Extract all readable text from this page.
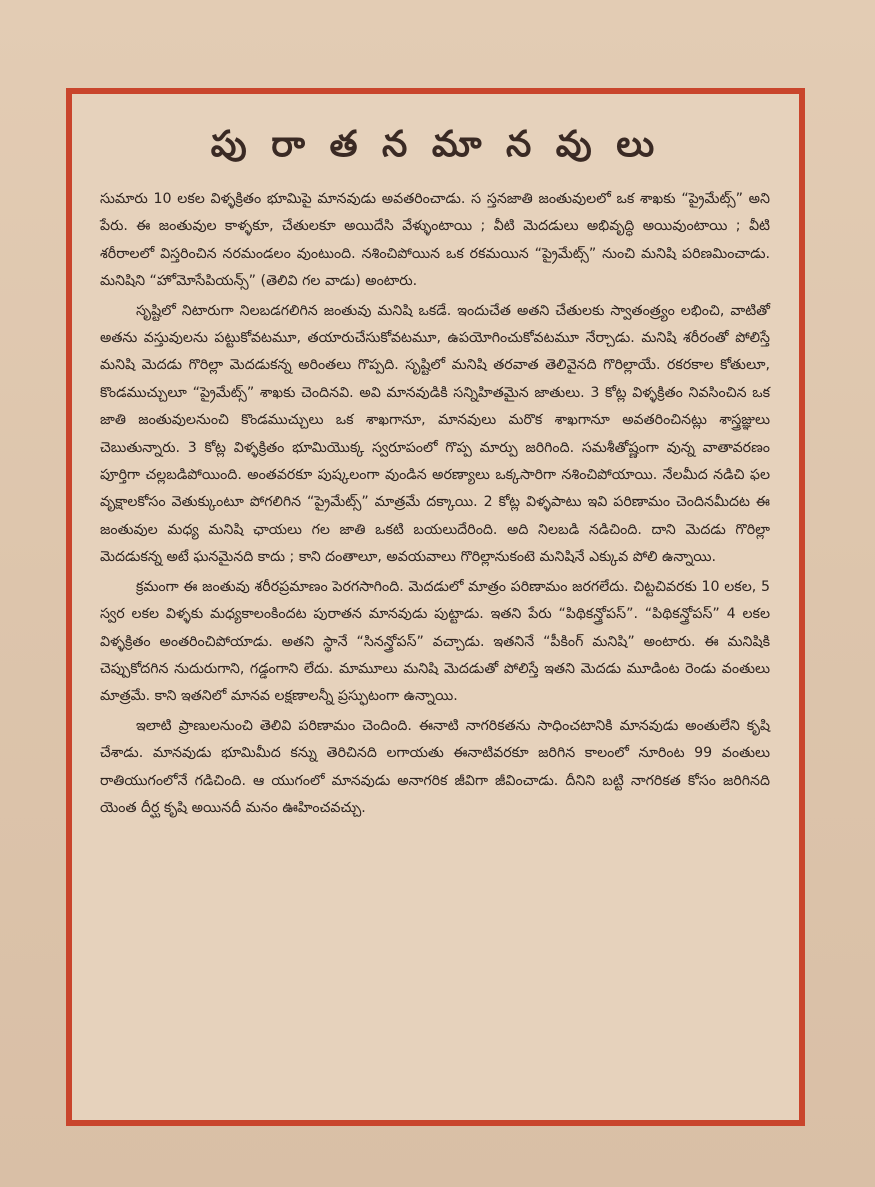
పు రా త న మా న వు లు

సుమారు 10 లకల విళ్ళక్రితం భూమిపై మానవుడు అవతరించాడు. స స్తనజాతి జంతువులలో ఒక శాఖకు “ప్రైమేట్స్” అని పేరు. ఈ జంతువుల కాళ్ళకూ, చేతులకూ అయిదేసి వేళ్ళుంటాయి ; వీటి మెదడులు అభివృద్ధి అయివుంటాయి ; వీటి శరీరాలలో విస్తరించిన నరమండలం వుంటుంది. నశించిపోయిన ఒక రకమయిన “ప్రైమేట్స్” నుంచి మనిషి పరిణమించాడు. మనిషిని “హోమోసేపియన్స్” (తెలివి గల వాడు) అంటారు.

సృష్టిలో నిటారుగా నిలబడగలిగిన జంతువు మనిషి ఒకడే. ఇందుచేత అతని చేతులకు స్వాతంత్ర్యం లభించి, వాటితో అతను వస్తువులను పట్టుకోవటమూ, తయారుచేసుకోవటమూ, ఉపయోగించుకోవటమూ నేర్చాడు. మనిషి శరీరంతో పోలిస్తే మనిషి మెదడు గొరిల్లా మెదడుకన్న అరింతలు గొప్పది. సృష్టిలో మనిషి తరవాత తెలివైనది గొరిల్లాయే. రకరకాల కోతులూ, కొండముచ్చులూ “ప్రైమేట్స్” శాఖకు చెందినవి. అవి మానవుడికి సన్నిహితమైన జాతులు. 3 కోట్ల విళ్ళక్రితం నివసించిన ఒక జాతి జంతువులనుంచి కొండముచ్చులు ఒక శాఖగానూ, మానవులు మరొక శాఖగానూ అవతరించినట్లు శాస్త్రజ్ఞులు చెబుతున్నారు. 3 కోట్ల విళ్ళక్రితం భూమియొక్క స్వరూపంలో గొప్ప మార్పు జరిగింది. సమశీతోష్ణంగా వున్న వాతావరణం పూర్తిగా చల్లబడిపోయింది. అంతవరకూ పుష్కలంగా వుండిన అరణ్యాలు ఒక్కసారిగా నశించిపోయాయి. నేలమీద నడిచి ఫల వృక్షాలకోసం వెతుక్కుంటూ పోగలిగిన “ప్రైమేట్స్” మాత్రమే దక్కాయి. 2 కోట్ల విళ్ళపాటు ఇవి పరిణామం చెందినమీదట ఈ జంతువుల మధ్య మనిషి ఛాయలు గల జాతి ఒకటి బయలుదేరింది. అది నిలబడి నడిచింది. దాని మెదడు గొరిల్లా మెదడుకన్న అటే ఘనమైనది కాదు ; కాని దంతాలూ, అవయవాలు గొరిల్లానుకంటె మనిషినే ఎక్కువ పోలి ఉన్నాయి.

క్రమంగా ఈ జంతువు శరీరప్రమాణం పెరగసాగింది. మెదడులో మాత్రం పరిణామం జరగలేదు. చిట్టచివరకు 10 లకల, 5 స్వర లకల విళ్ళకు మధ్యకాలంకిందట పురాతన మానవుడు పుట్టాడు. ఇతని పేరు “పిథికన్త్రోపస్”. “పిథికన్త్రోపస్” 4 లకల విళ్ళక్రితం అంతరించిపోయాడు. అతని స్థానే “సినన్త్రోపస్” వచ్చాడు. ఇతనినే “పీకింగ్ మనిషి” అంటారు. ఈ మనిషికి చెప్పుకోదగిన నుదురుగాని, గడ్డంగాని లేదు. మామూలు మనిషి మెదడుతో పోలిస్తే ఇతని మెదడు మూడింట రెండు వంతులు మాత్రమే. కాని ఇతనిలో మానవ లక్షణాలన్నీ ప్రస్ఫుటంగా ఉన్నాయి.

ఇలాటి ప్రాణులనుంచి తెలివి పరిణామం చెందింది. ఈనాటి నాగరికతను సాధించటానికి మానవుడు అంతులేని కృషి చేశాడు. మానవుడు భూమిమీద కన్ను తెరిచినది లగాయతు ఈనాటివరకూ జరిగిన కాలంలో నూరింట 99 వంతులు రాతియుగంలోనే గడిచింది. ఆ యుగంలో మానవుడు అనాగరిక జీవిగా జీవించాడు. దీనిని బట్టి నాగరికత కోసం జరిగినది యెంత దీర్ఘ కృషి అయినదీ మనం ఊహించవచ్చు.
